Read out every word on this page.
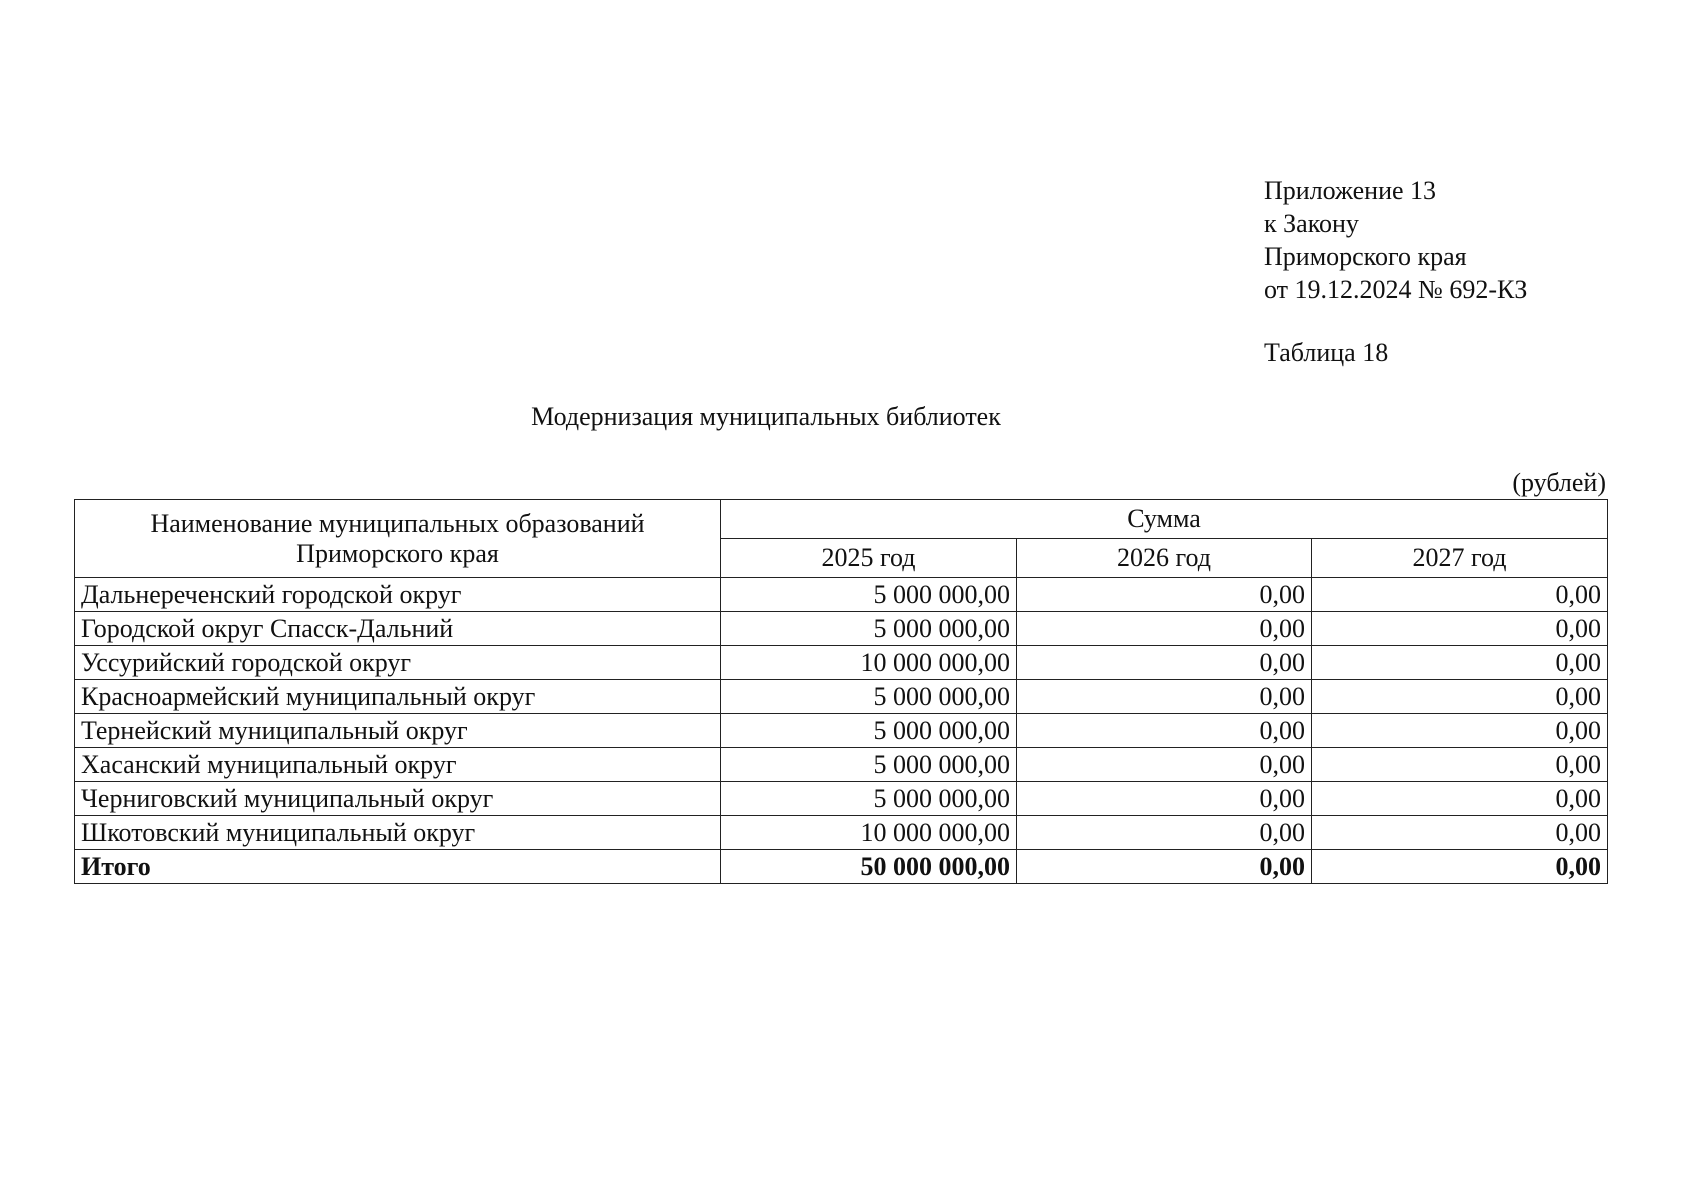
Приложение 13
к Закону
Приморского края
от 19.12.2024 № 692-КЗ
Таблица 18
Модернизация муниципальных библиотек
(рублей)
Наименование муниципальных образований
Приморского края	Сумма		
	2025 год	2026 год	2027 год
Дальнереченский городской округ	5 000 000,00	0,00	0,00
Городской округ Спасск-Дальний	5 000 000,00	0,00	0,00
Уссурийский городской округ	10 000 000,00	0,00	0,00
Красноармейский муниципальный округ	5 000 000,00	0,00	0,00
Тернейский муниципальный округ	5 000 000,00	0,00	0,00
Хасанский муниципальный округ	5 000 000,00	0,00	0,00
Черниговский муниципальный округ	5 000 000,00	0,00	0,00
Шкотовский муниципальный округ	10 000 000,00	0,00	0,00
Итого	50 000 000,00	0,00	0,00
